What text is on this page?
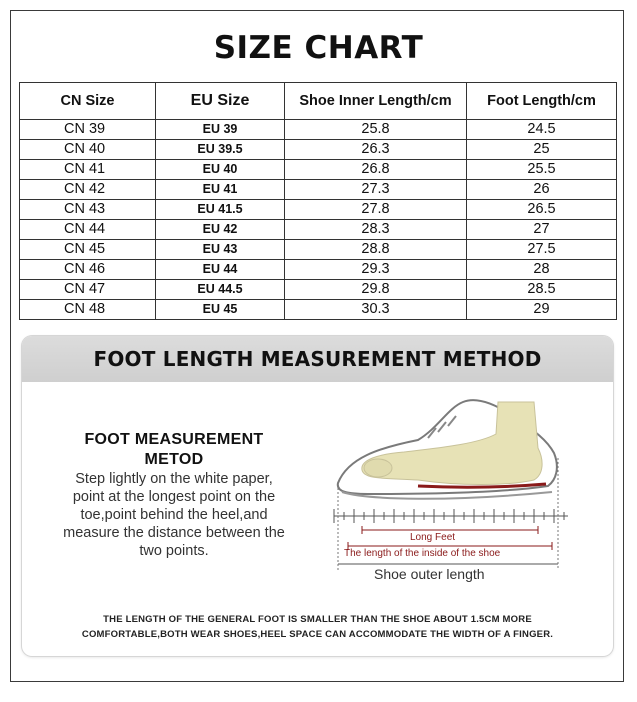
SIZE CHART
CN Size	EU Size	Shoe Inner Length/cm	Foot Length/cm
CN 39	EU 39	25.8	24.5
CN 40	EU 39.5	26.3	25
CN 41	EU 40	26.8	25.5
CN 42	EU 41	27.3	26
CN 43	EU 41.5	27.8	26.5
CN 44	EU 42	28.3	27
CN 45	EU 43	28.8	27.5
CN 46	EU 44	29.3	28
CN 47	EU 44.5	29.8	28.5
CN 48	EU 45	30.3	29
FOOT LENGTH MEASUREMENT METHOD
FOOT MEASUREMENT METOD
Step lightly on the white paper, point at the longest point on the toe,point behind the heel,and measure the distance between the two points.
Long Feet
The length of the inside of the shoe
Shoe outer length
THE LENGTH OF THE GENERAL FOOT IS SMALLER THAN THE SHOE ABOUT 1.5CM MORE
COMFORTABLE,BOTH WEAR SHOES,HEEL SPACE CAN ACCOMMODATE THE WIDTH OF A FINGER.
